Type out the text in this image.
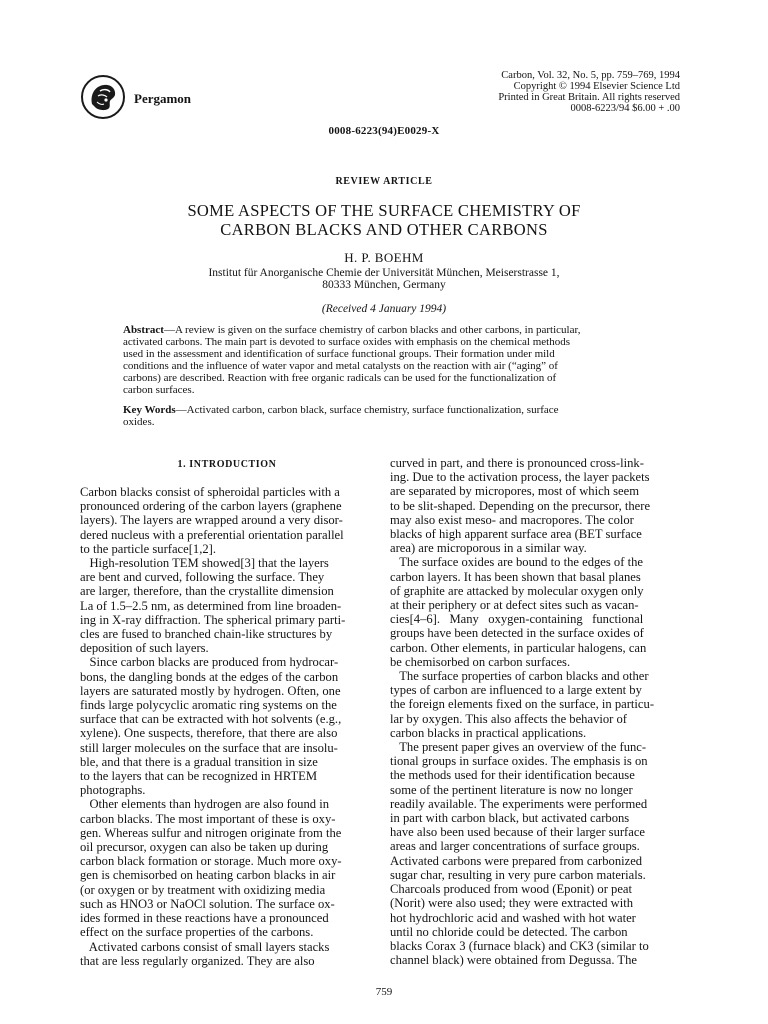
Pergamon
Carbon, Vol. 32, No. 5, pp. 759–769, 1994
Copyright © 1994 Elsevier Science Ltd
Printed in Great Britain. All rights reserved
0008-6223/94 $6.00 + .00
0008-6223(94)E0029-X
REVIEW ARTICLE
SOME ASPECTS OF THE SURFACE CHEMISTRY OF
CARBON BLACKS AND OTHER CARBONS
H. P. BOEHM
Institut für Anorganische Chemie der Universität München, Meiserstrasse 1,
80333 München, Germany
(Received 4 January 1994)
Abstract—A review is given on the surface chemistry of carbon blacks and other carbons, in particular,
activated carbons. The main part is devoted to surface oxides with emphasis on the chemical methods
used in the assessment and identification of surface functional groups. Their formation under mild
conditions and the influence of water vapor and metal catalysts on the reaction with air (“aging” of
carbons) are described. Reaction with free organic radicals can be used for the functionalization of
carbon surfaces.
Key Words—Activated carbon, carbon black, surface chemistry, surface functionalization, surface
oxides.
1. INTRODUCTION
Carbon blacks consist of spheroidal particles with a
pronounced ordering of the carbon layers (graphene
layers). The layers are wrapped around a very disor-
dered nucleus with a preferential orientation parallel
to the particle surface[1,2].
High-resolution TEM showed[3] that the layers
are bent and curved, following the surface. They
are larger, therefore, than the crystallite dimension
La of 1.5–2.5 nm, as determined from line broaden-
ing in X-ray diffraction. The spherical primary parti-
cles are fused to branched chain-like structures by
deposition of such layers.
Since carbon blacks are produced from hydrocar-
bons, the dangling bonds at the edges of the carbon
layers are saturated mostly by hydrogen. Often, one
finds large polycyclic aromatic ring systems on the
surface that can be extracted with hot solvents (e.g.,
xylene). One suspects, therefore, that there are also
still larger molecules on the surface that are insolu-
ble, and that there is a gradual transition in size
to the layers that can be recognized in HRTEM
photographs.
Other elements than hydrogen are also found in
carbon blacks. The most important of these is oxy-
gen. Whereas sulfur and nitrogen originate from the
oil precursor, oxygen can also be taken up during
carbon black formation or storage. Much more oxy-
gen is chemisorbed on heating carbon blacks in air
(or oxygen or by treatment with oxidizing media
such as HNO3 or NaOCl solution. The surface ox-
ides formed in these reactions have a pronounced
effect on the surface properties of the carbons.
Activated carbons consist of small layers stacks
that are less regularly organized. They are also
curved in part, and there is pronounced cross-link-
ing. Due to the activation process, the layer packets
are separated by micropores, most of which seem
to be slit-shaped. Depending on the precursor, there
may also exist meso- and macropores. The color
blacks of high apparent surface area (BET surface
area) are microporous in a similar way.
The surface oxides are bound to the edges of the
carbon layers. It has been shown that basal planes
of graphite are attacked by molecular oxygen only
at their periphery or at defect sites such as vacan-
cies[4–6].   Many   oxygen-containing   functional
groups have been detected in the surface oxides of
carbon. Other elements, in particular halogens, can
be chemisorbed on carbon surfaces.
The surface properties of carbon blacks and other
types of carbon are influenced to a large extent by
the foreign elements fixed on the surface, in particu-
lar by oxygen. This also affects the behavior of
carbon blacks in practical applications.
The present paper gives an overview of the func-
tional groups in surface oxides. The emphasis is on
the methods used for their identification because
some of the pertinent literature is now no longer
readily available. The experiments were performed
in part with carbon black, but activated carbons
have also been used because of their larger surface
areas and larger concentrations of surface groups.
Activated carbons were prepared from carbonized
sugar char, resulting in very pure carbon materials.
Charcoals produced from wood (Eponit) or peat
(Norit) were also used; they were extracted with
hot hydrochloric acid and washed with hot water
until no chloride could be detected. The carbon
blacks Corax 3 (furnace black) and CK3 (similar to
channel black) were obtained from Degussa. The
759
